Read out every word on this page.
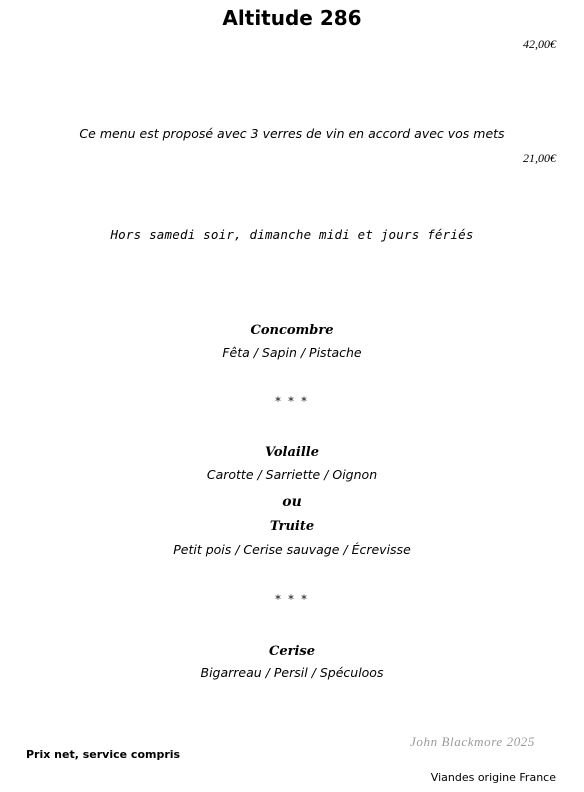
Altitude 286
42,00€
Ce menu est proposé avec 3 verres de vin en accord avec vos mets
21,00€
Hors samedi soir, dimanche midi et jours fériés
Concombre
Fêta / Sapin / Pistache
* * *
Volaille
Carotte / Sarriette / Oignon
ou
Truite
Petit pois / Cerise sauvage / Écrevisse
* * *
Cerise
Bigarreau / Persil / Spéculoos
John Blackmore 2025
Prix net, service compris
Viandes origine France
